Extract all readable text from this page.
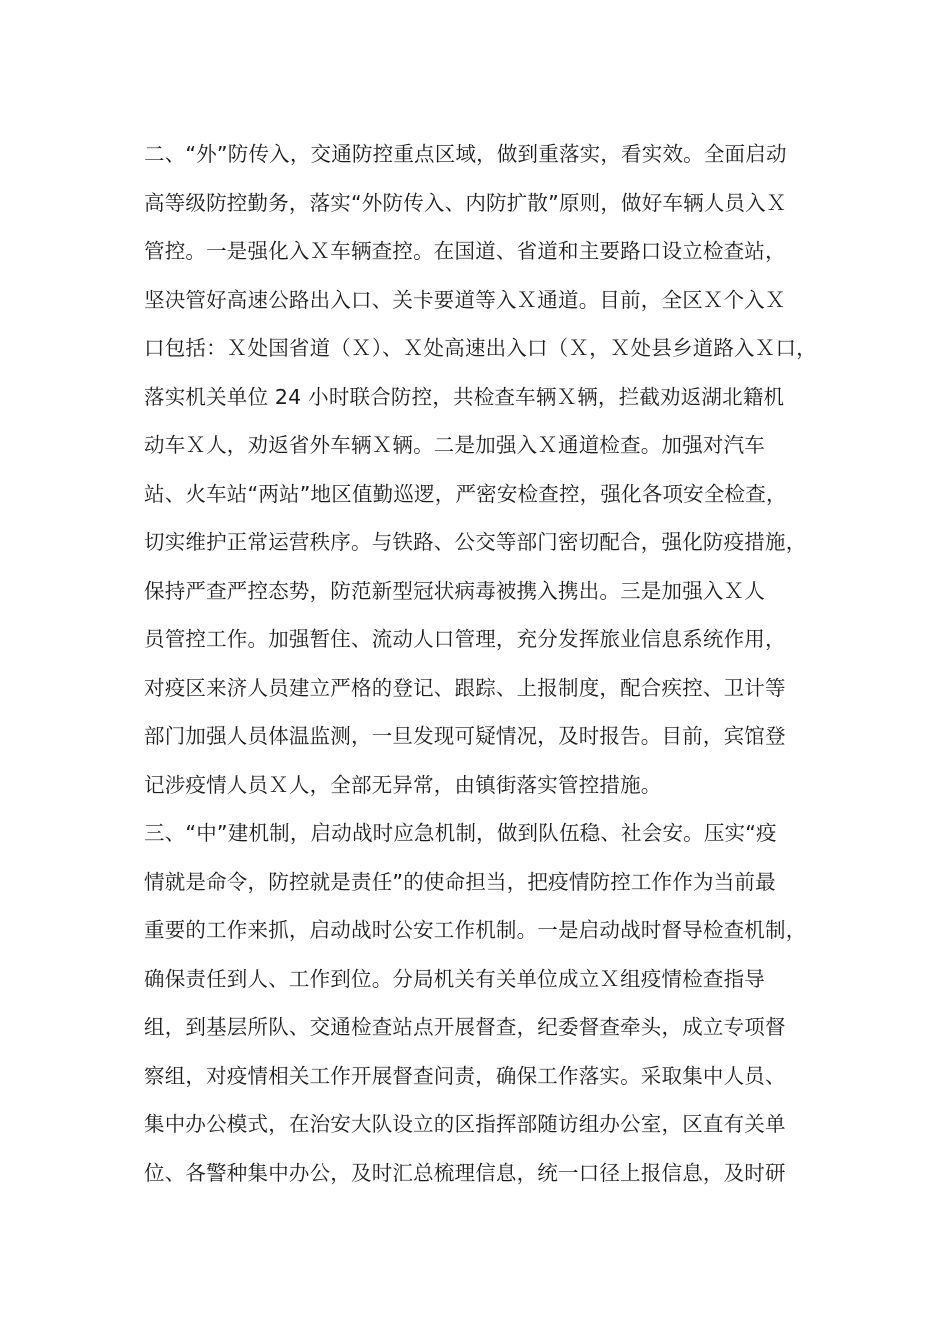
二、“外”防传入，交通防控重点区域，做到重落实，看实效。全面启动
高等级防控勤务，落实“外防传入、内防扩散”原则，做好车辆人员入Ｘ
管控。一是强化入Ｘ车辆查控。在国道、省道和主要路口设立检查站，
坚决管好高速公路出入口、关卡要道等入Ｘ通道。目前，全区Ｘ个入Ｘ
口包括：Ｘ处国省道（Ｘ）、Ｘ处高速出入口（Ｘ，Ｘ处县乡道路入Ｘ口，
落实机关单位 24 小时联合防控，共检查车辆Ｘ辆，拦截劝返湖北籍机
动车Ｘ人，劝返省外车辆Ｘ辆。二是加强入Ｘ通道检查。加强对汽车
站、火车站“两站”地区值勤巡逻，严密安检查控，强化各项安全检查，
切实维护正常运营秩序。与铁路、公交等部门密切配合，强化防疫措施，
保持严查严控态势，防范新型冠状病毒被携入携出。三是加强入Ｘ人
员管控工作。加强暂住、流动人口管理，充分发挥旅业信息系统作用，
对疫区来济人员建立严格的登记、跟踪、上报制度，配合疾控、卫计等
部门加强人员体温监测，一旦发现可疑情况，及时报告。目前，宾馆登
记涉疫情人员Ｘ人，全部无异常，由镇街落实管控措施。
三、“中”建机制，启动战时应急机制，做到队伍稳、社会安。压实“疫
情就是命令，防控就是责任”的使命担当，把疫情防控工作作为当前最
重要的工作来抓，启动战时公安工作机制。一是启动战时督导检查机制，
确保责任到人、工作到位。分局机关有关单位成立Ｘ组疫情检查指导
组，到基层所队、交通检查站点开展督查，纪委督查牵头，成立专项督
察组，对疫情相关工作开展督查问责，确保工作落实。采取集中人员、
集中办公模式，在治安大队设立的区指挥部随访组办公室，区直有关单
位、各警种集中办公，及时汇总梳理信息，统一口径上报信息，及时研
